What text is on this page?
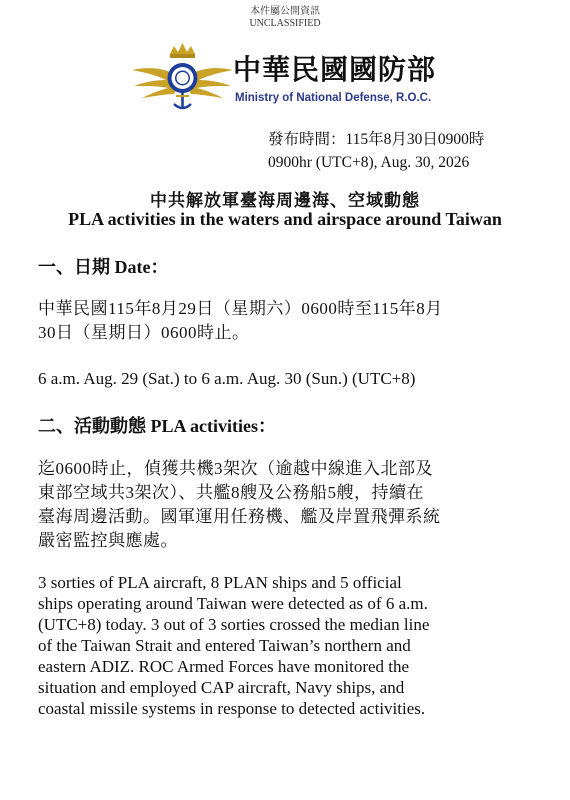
本件屬公開資訊
UNCLASSIFIED
中華民國國防部
Ministry of National Defense, R.O.C.
發布時間：115年8月30日0900時
0900hr (UTC+8), Aug. 30, 2026
中共解放軍臺海周邊海、空域動態
PLA activities in the waters and airspace around Taiwan
一、日期 Date：
中華民國115年8月29日（星期六）0600時至115年8月
30日（星期日）0600時止。
6 a.m. Aug. 29 (Sat.) to 6 a.m. Aug. 30 (Sun.) (UTC+8)
二、活動動態 PLA activities：
迄0600時止，偵獲共機3架次（逾越中線進入北部及
東部空域共3架次）、共艦8艘及公務船5艘，持續在
臺海周邊活動。國軍運用任務機、艦及岸置飛彈系統
嚴密監控與應處。
3 sorties of PLA aircraft, 8 PLAN ships and 5 official
ships operating around Taiwan were detected as of 6 a.m.
(UTC+8) today. 3 out of 3 sorties crossed the median line
of the Taiwan Strait and entered Taiwan’s northern and
eastern ADIZ. ROC Armed Forces have monitored the
situation and employed CAP aircraft, Navy ships, and
coastal missile systems in response to detected activities.
